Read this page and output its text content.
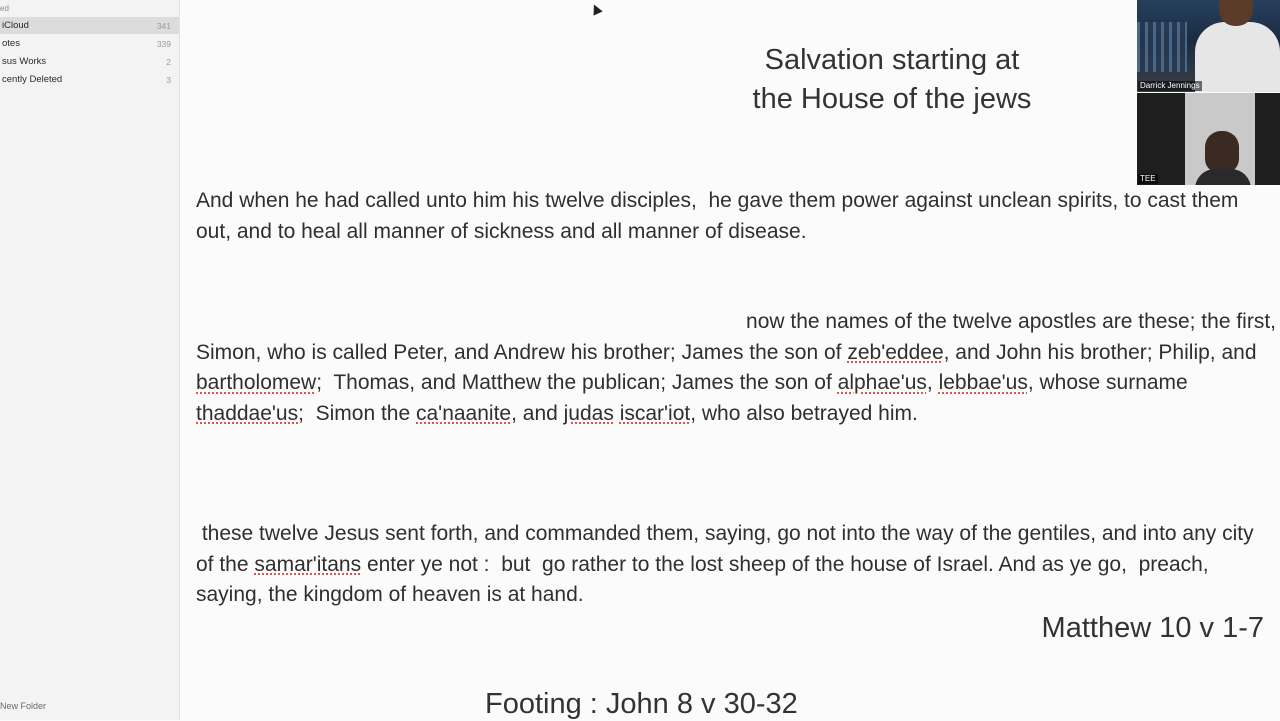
ed
iCloud	341
otes	339
sus Works	2
cently Deleted	3
New Folder
Salvation starting at the House of the jews
And when he had called unto him his twelve disciples,  he gave them power against unclean spirits, to cast them out, and to heal all manner of sickness and all manner of disease.
now the names of the twelve apostles are these; the first,
Simon, who is called Peter, and Andrew his brother; James the son of zeb'eddee, and John his brother; Philip, and bartholomew;  Thomas, and Matthew the publican; James the son of alphae'us, lebbae'us, whose surname thaddae'us;  Simon the ca'naanite, and judas iscar'iot, who also betrayed him.
these twelve Jesus sent forth, and commanded them, saying, go not into the way of the gentiles, and into any city of the samar'itans enter ye not :  but  go rather to the lost sheep of the house of Israel. And as ye go,  preach, saying, the kingdom of heaven is at hand.
Matthew 10 v 1-7
Footing : John 8 v 30-32
Darrick Jennings
TEE
